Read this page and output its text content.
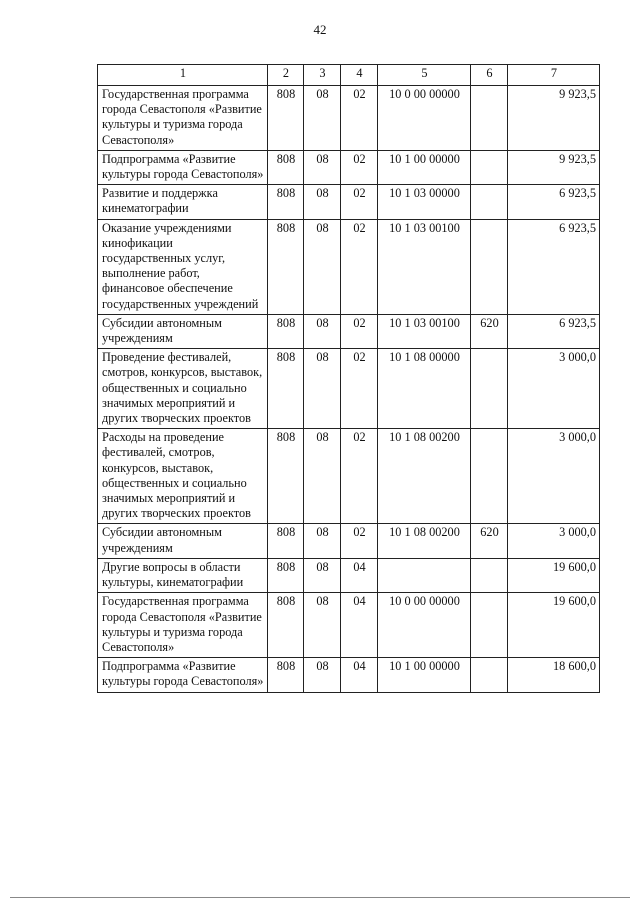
42
1	2	3	4	5	6	7
Государственная программа города Севастополя «Развитие культуры и туризма города Севастополя»	808	08	02	10 0 00 00000		9 923,5
Подпрограмма «Развитие культуры города Севастополя»	808	08	02	10 1 00 00000		9 923,5
Развитие и поддержка кинематографии	808	08	02	10 1 03 00000		6 923,5
Оказание учреждениями кинофикации государственных услуг, выполнение работ, финансовое обеспечение государственных учреждений	808	08	02	10 1 03 00100		6 923,5
Субсидии автономным учреждениям	808	08	02	10 1 03 00100	620	6 923,5
Проведение фестивалей, смотров, конкурсов, выставок, общественных и социально значимых мероприятий и других творческих проектов	808	08	02	10 1 08 00000		3 000,0
Расходы на проведение фестивалей, смотров, конкурсов, выставок, общественных и социально значимых мероприятий и других творческих проектов	808	08	02	10 1 08 00200		3 000,0
Субсидии автономным учреждениям	808	08	02	10 1 08 00200	620	3 000,0
Другие вопросы в области культуры, кинематографии	808	08	04			19 600,0
Государственная программа города Севастополя «Развитие культуры и туризма города Севастополя»	808	08	04	10 0 00 00000		19 600,0
Подпрограмма «Развитие культуры города Севастополя»	808	08	04	10 1 00 00000		18 600,0
